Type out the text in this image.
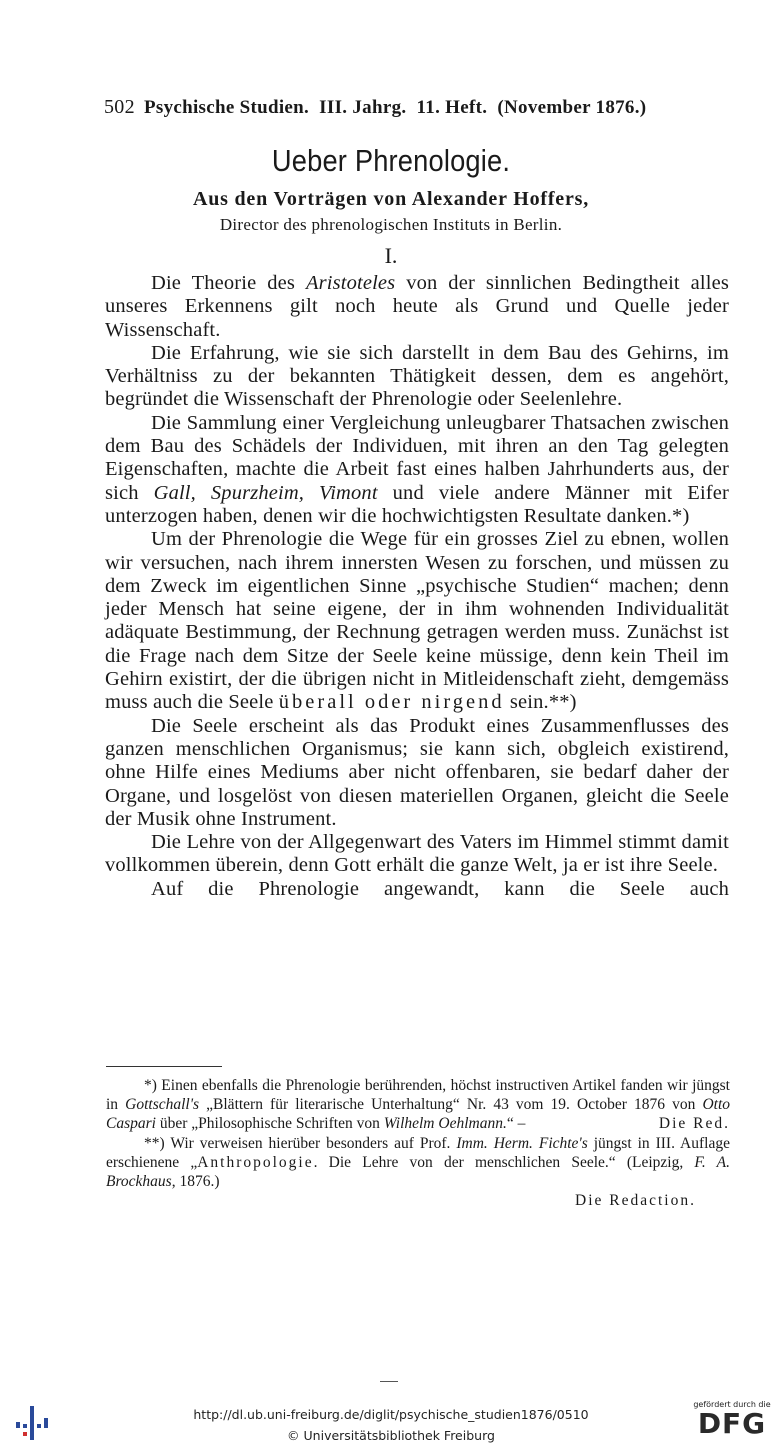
502 Psychische Studien.  III. Jahrg.  11. Heft.  (November 1876.)
Ueber Phrenologie.
Aus den Vorträgen von Alexander Hoffers,
Director des phrenologischen Instituts in Berlin.
I.

Die Theorie des Aristoteles von der sinnlichen Bedingtheit alles unseres Erkennens gilt noch heute als Grund und Quelle jeder Wissenschaft.

Die Erfahrung, wie sie sich darstellt in dem Bau des Gehirns, im Verhältniss zu der bekannten Thätigkeit dessen, dem es angehört, begründet die Wissenschaft der Phrenologie oder Seelenlehre.

Die Sammlung einer Vergleichung unleugbarer Thatsachen zwischen dem Bau des Schädels der Individuen, mit ihren an den Tag gelegten Eigenschaften, machte die Arbeit fast eines halben Jahrhunderts aus, der sich Gall, Spurzheim, Vimont und viele andere Männer mit Eifer unterzogen haben, denen wir die hochwichtigsten Resultate danken.*)

Um der Phrenologie die Wege für ein grosses Ziel zu ebnen, wollen wir versuchen, nach ihrem innersten Wesen zu forschen, und müssen zu dem Zweck im eigentlichen Sinne „psychische Studien“ machen; denn jeder Mensch hat seine eigene, der in ihm wohnenden Individualität adäquate Bestimmung, der Rechnung getragen werden muss. Zunächst ist die Frage nach dem Sitze der Seele keine müssige, denn kein Theil im Gehirn existirt, der die übrigen nicht in Mitleidenschaft zieht, demgemäss muss auch die Seele überall oder nirgend sein.**)

Die Seele erscheint als das Produkt eines Zusammenflusses des ganzen menschlichen Organismus; sie kann sich, obgleich existirend, ohne Hilfe eines Mediums aber nicht offenbaren, sie bedarf daher der Organe, und losgelöst von diesen materiellen Organen, gleicht die Seele der Musik ohne Instrument.

Die Lehre von der Allgegenwart des Vaters im Himmel stimmt damit vollkommen überein, denn Gott erhält die ganze Welt, ja er ist ihre Seele.

Auf die Phrenologie angewandt, kann die Seele auch

*) Einen ebenfalls die Phrenologie berührenden, höchst instructiven Artikel fanden wir jüngst in Gottschall's „Blättern für literarische Unterhaltung“ Nr. 43 vom 19. October 1876 von Otto Caspari über „Philosophische Schriften von Wilhelm Oehlmann.“ –	Die Red.

**) Wir verweisen hierüber besonders auf Prof. Imm. Herm. Fichte's jüngst in III. Auflage erschienene „Anthropologie. Die Lehre von der menschlichen Seele.“ (Leipzig, F. A. Brockhaus, 1876.)

Die Redaction.

http://dl.ub.uni-freiburg.de/diglit/psychische_studien1876/0510
© Universitätsbibliothek Freiburg
gefördert durch die
DFG
